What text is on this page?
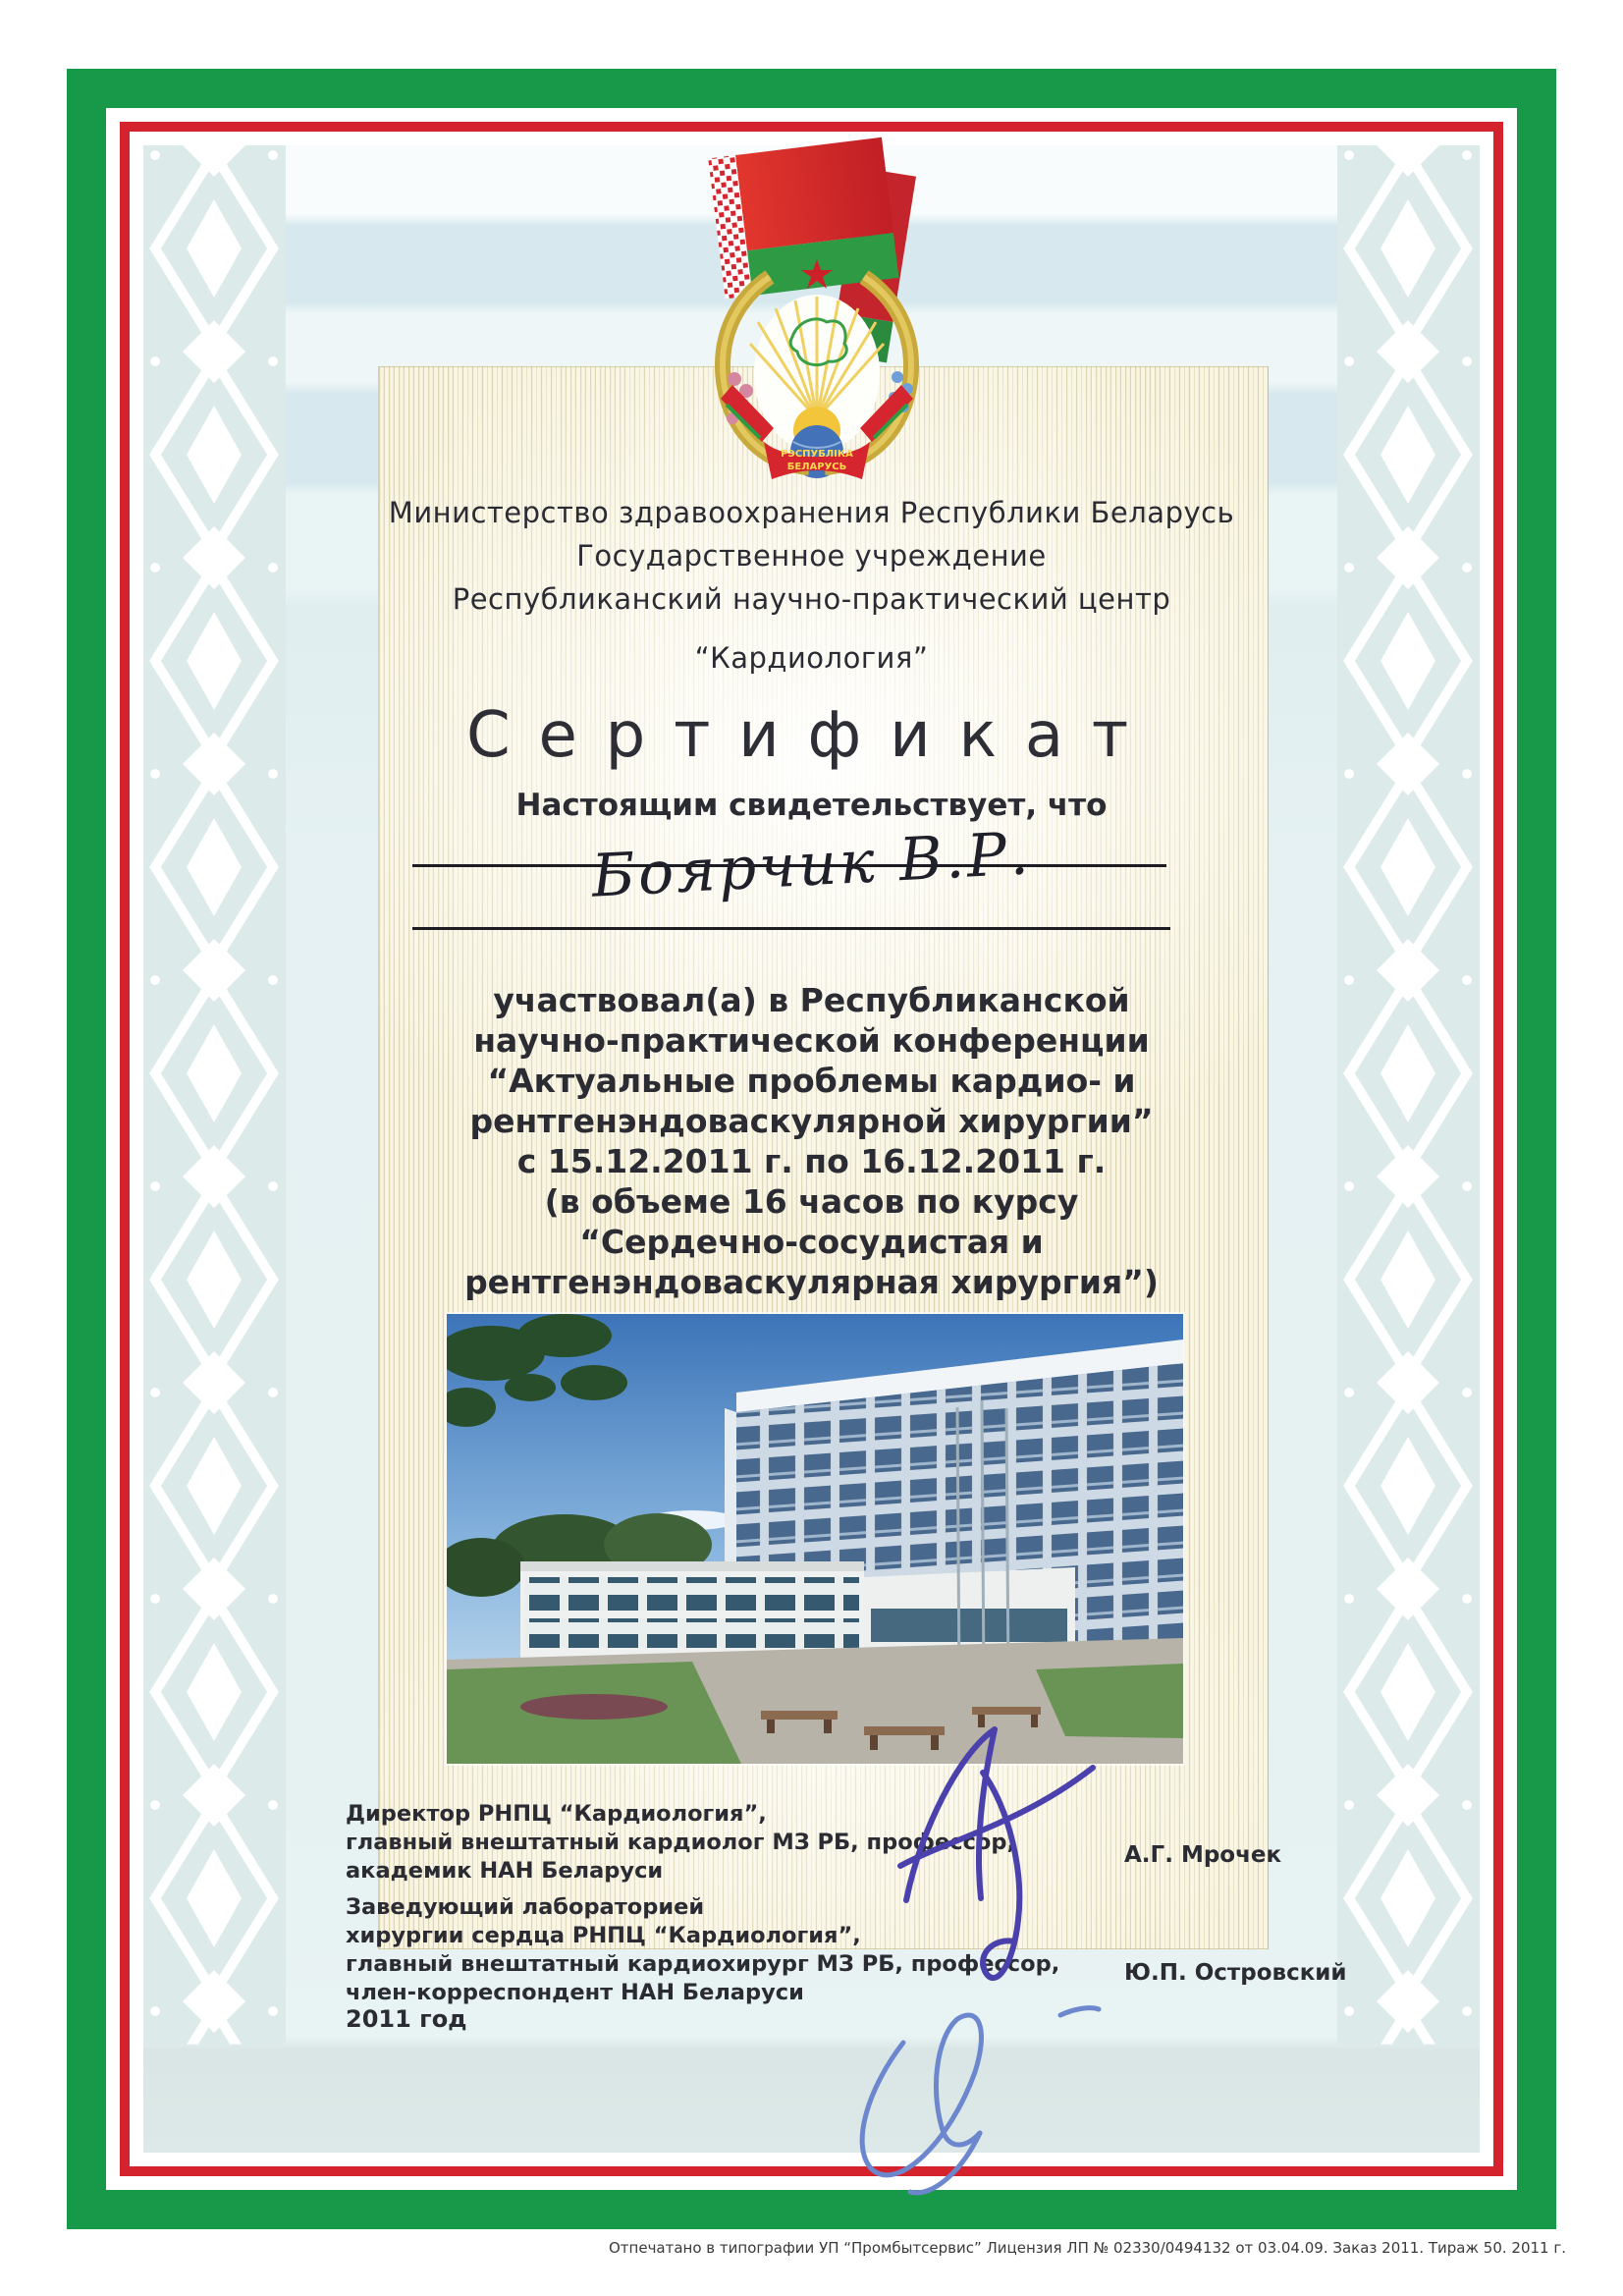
РЭСПУБЛІКА
БЕЛАРУСЬ
Министерство здравоохранения Республики Беларусь
Государственное учреждение
Республиканский научно-практический центр
“Кардиология”
Сертификат
Настоящим свидетельствует, что
Боярчик В.Р.
участвовал(а) в Республиканской
научно-практической конференции
“Актуальные проблемы кардио- и
рентгенэндоваскулярной хирургии”
с 15.12.2011 г. по 16.12.2011 г.
(в объеме 16 часов по курсу
“Сердечно-сосудистая и
рентгенэндоваскулярная хирургия”)
Директор РНПЦ “Кардиология”,
главный внештатный кардиолог МЗ РБ, профессор,
академик НАН Беларуси
А.Г. Мрочек
Заведующий лабораторией
хирургии сердца РНПЦ “Кардиология”,
главный внештатный кардиохирург МЗ РБ, профессор,
член-корреспондент НАН Беларуси
Ю.П. Островский
2011 год
Отпечатано в типографии УП “Промбытсервис” Лицензия ЛП № 02330/0494132 от 03.04.09. Заказ 2011. Тираж 50. 2011 г.
